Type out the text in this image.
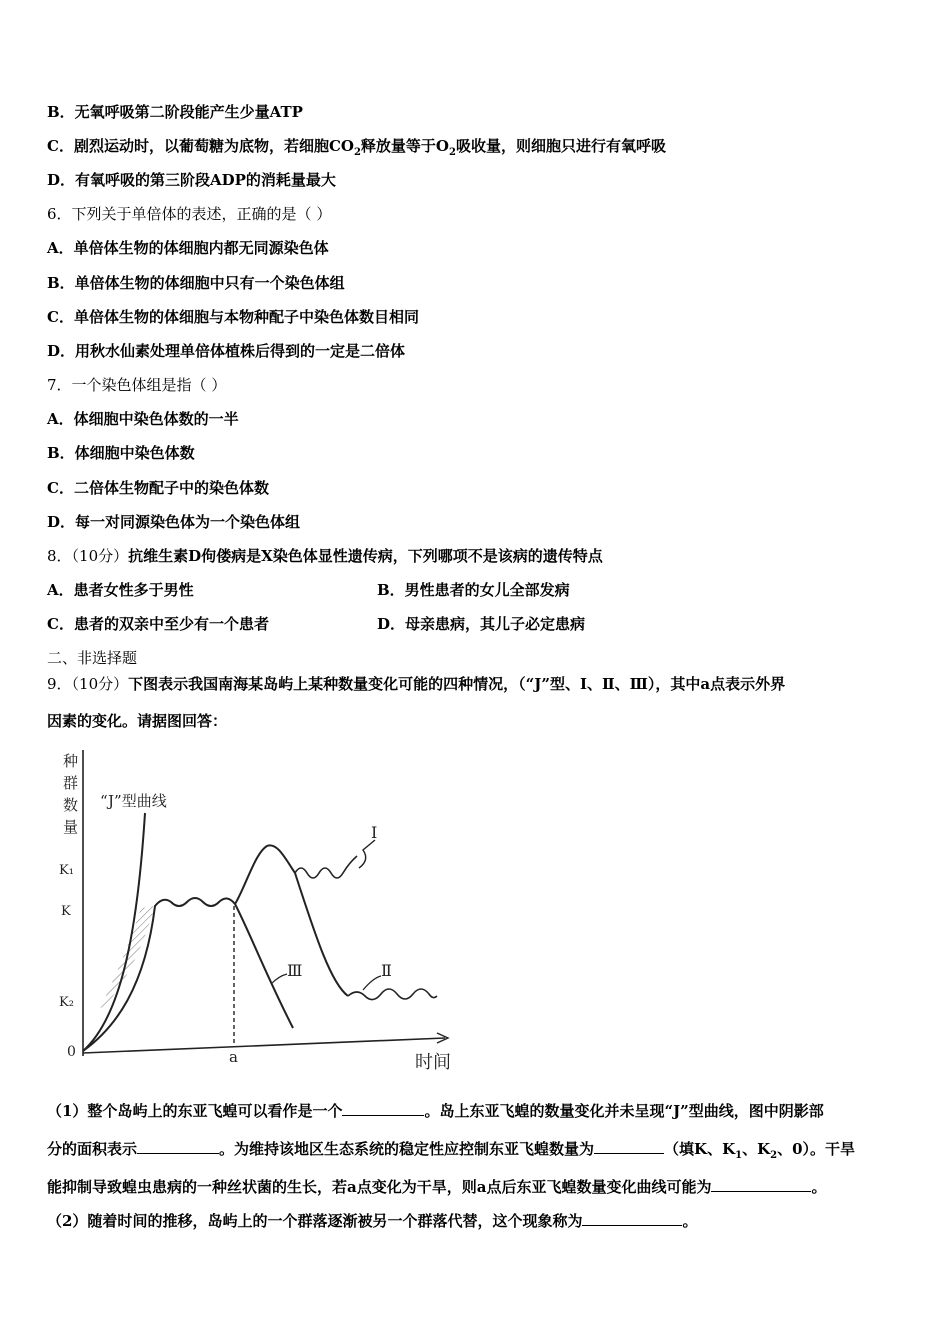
B．无氧呼吸第二阶段能产生少量ATP
C．剧烈运动时，以葡萄糖为底物，若细胞$CO_2$释放量等于$O_2$吸收量，则细胞只进行有氧呼吸
D．有氧呼吸的第三阶段ADP的消耗量最大
6．下列关于单倍体的表述，正确的是（ ）
A．单倍体生物的体细胞内都无同源染色体
B．单倍体生物的体细胞中只有一个染色体组
C．单倍体生物的体细胞与本物种配子中染色体数目相同
D．用秋水仙素处理单倍体植株后得到的一定是二倍体
7．一个染色体组是指（ ）
A．体细胞中染色体数的一半
B．体细胞中染色体数
C．二倍体生物配子中的染色体数
D．每一对同源染色体为一个染色体组
8．（10分）抗维生素D佝偻病是X染色体显性遗传病，下列哪项不是该病的遗传特点
A．患者女性多于男性	B．男性患者的女儿全部发病
C．患者的双亲中至少有一个患者	D．母亲患病，其儿子必定患病
二、非选择题
9．（10分）下图表示我国南海某岛屿上某种数量变化可能的四种情况，（“J”型、Ⅰ、Ⅱ、Ⅲ），其中a点表示外界
因素的变化。请据图回答：
种
群
数
量
K₁
K
K₂
0
“J”型曲线
Ⅰ
Ⅱ
Ⅲ
a	时间
（1）整个岛屿上的东亚飞蝗可以看作是一个	。岛上东亚飞蝗的数量变化并未呈现“J”型曲线，图中阴影部
分的面积表示	。为维持该地区生态系统的稳定性应控制东亚飞蝗数量为	（填K、$K_1$、$K_2$、0）。干旱
能抑制导致蝗虫患病的一种丝状菌的生长，若a点变化为干旱，则a点后东亚飞蝗数量变化曲线可能为	。
（2）随着时间的推移，岛屿上的一个群落逐渐被另一个群落代替，这个现象称为	。
